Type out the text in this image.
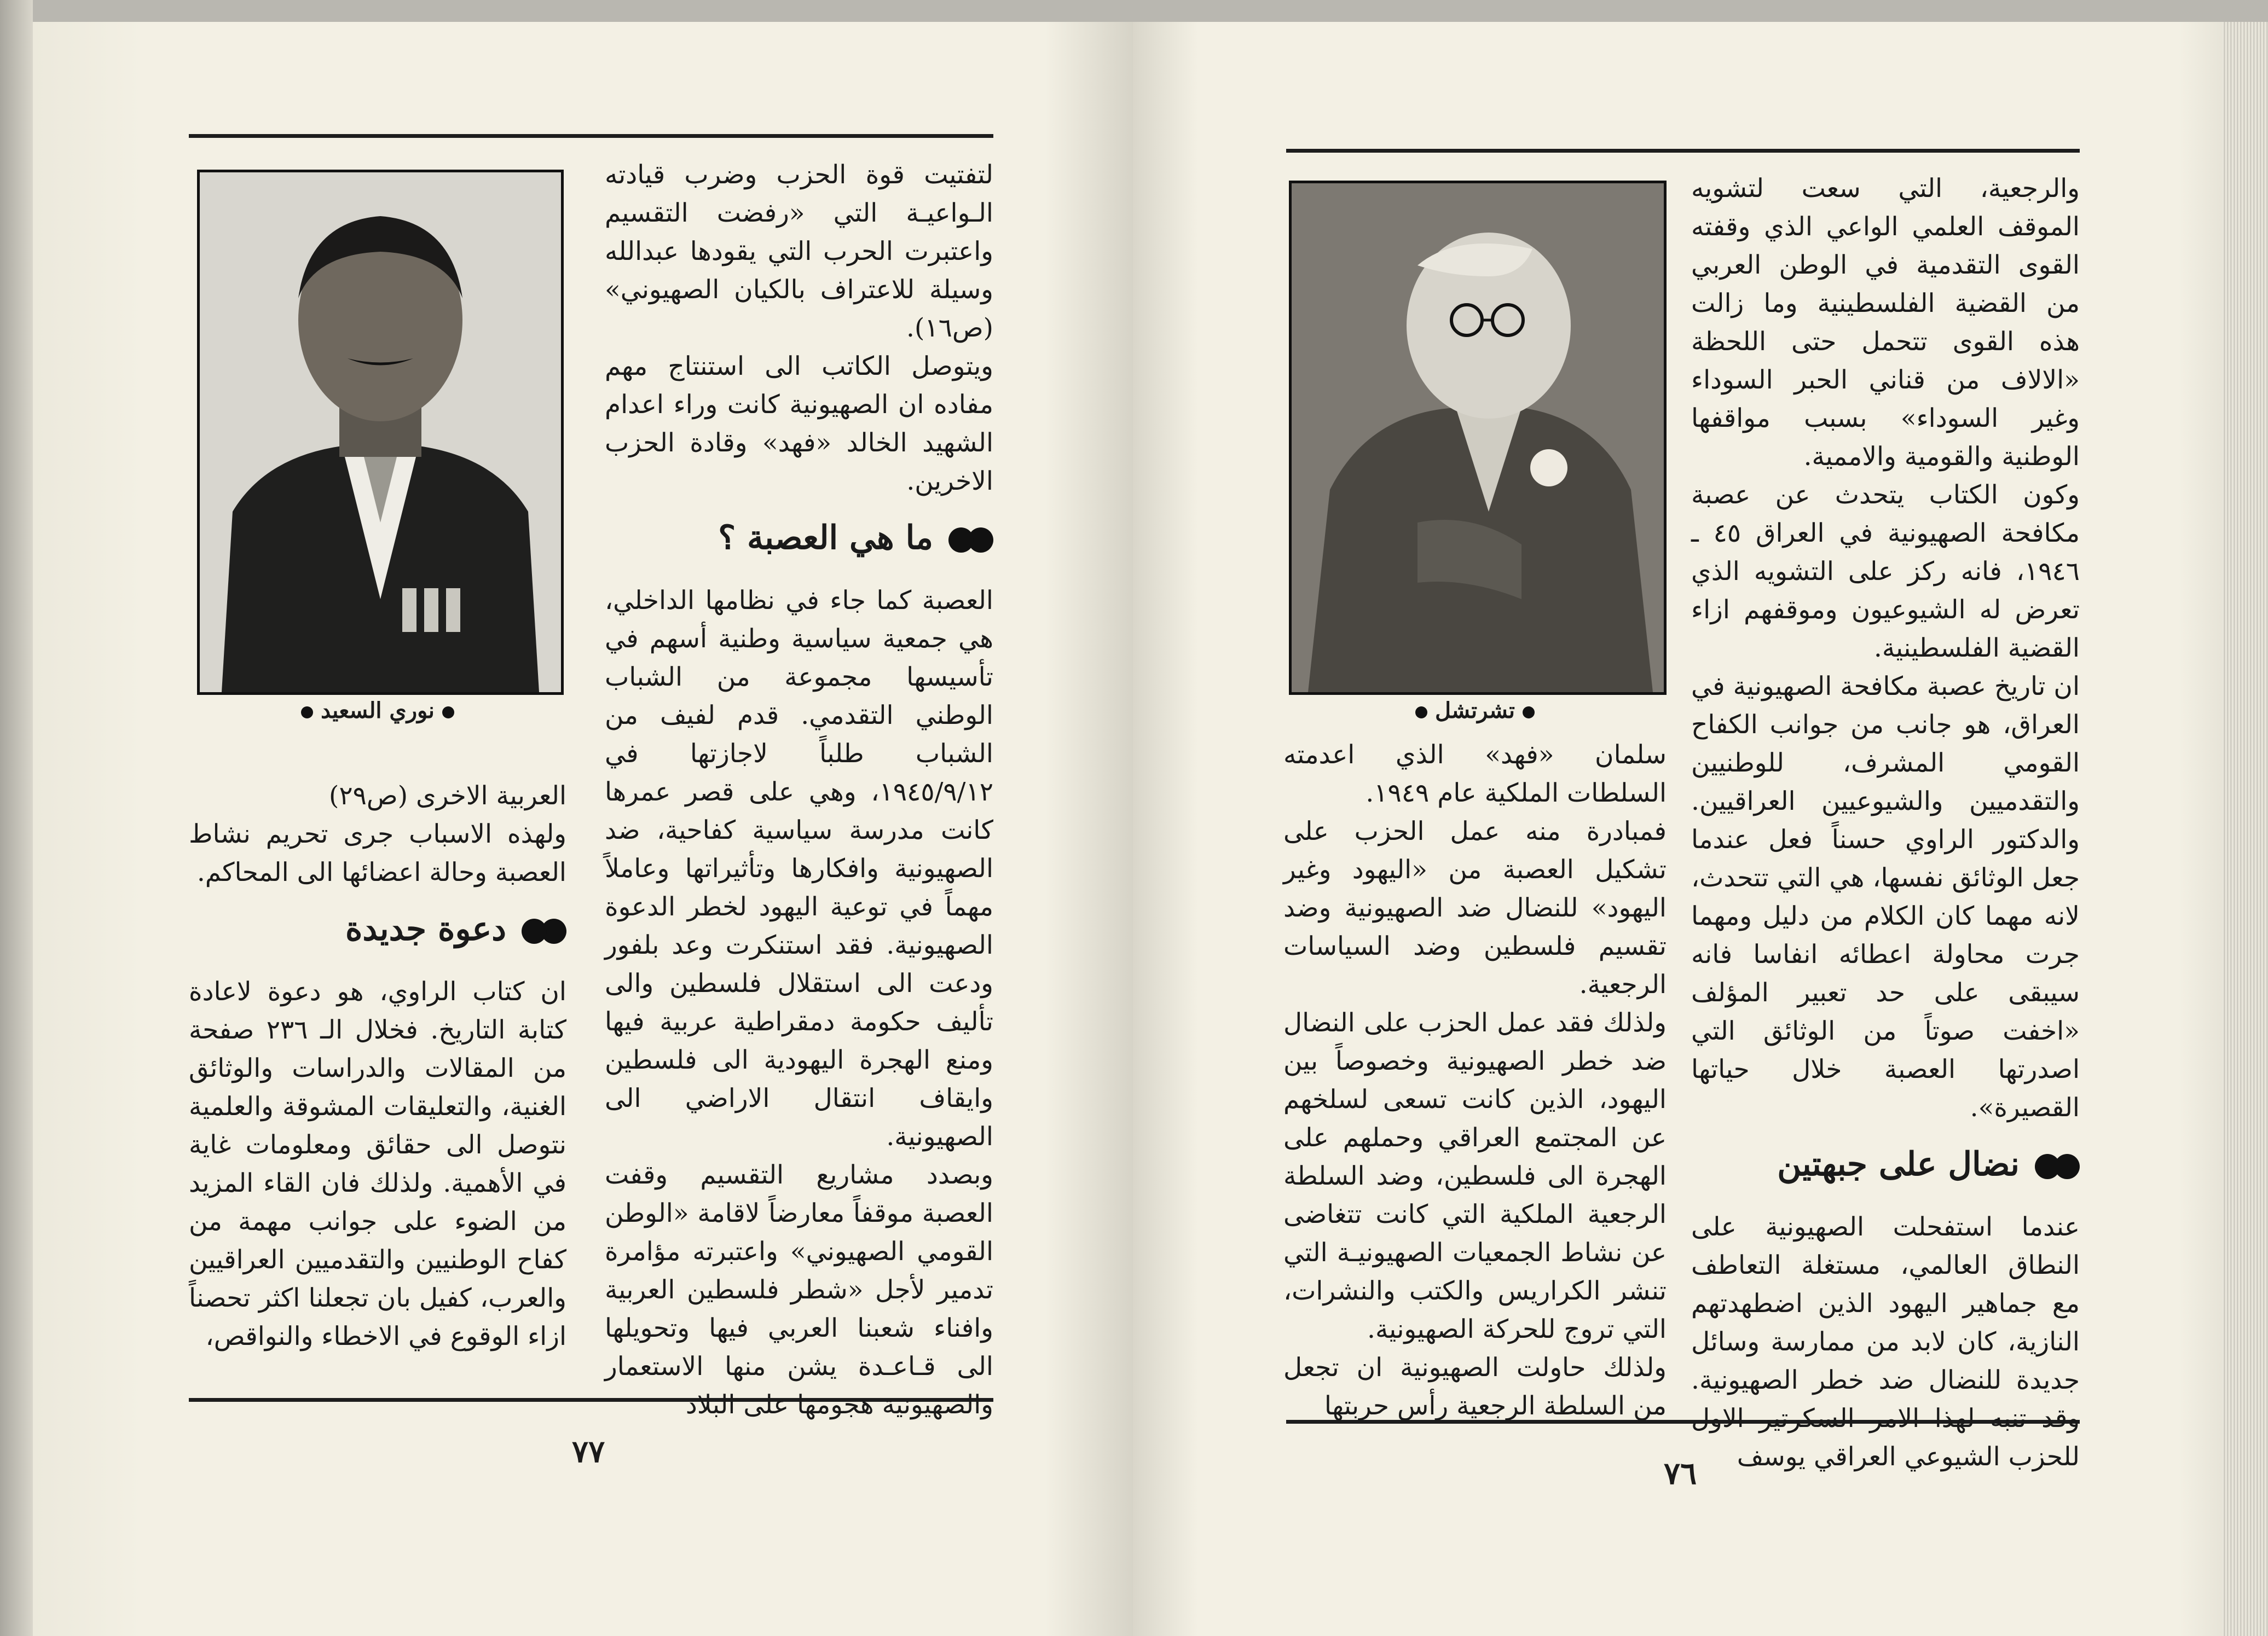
لتفتيت قوة الحزب وضرب قيادته الـواعيـة التي «رفضت التقسيم واعتبرت الحرب التي يقودها عبدالله وسيلة للاعتراف بالكيان الصهيوني» (ص١٦).

ويتوصل الكاتب الى استنتاج مهم مفاده ان الصهيونية كانت وراء اعدام الشهيد الخالد «فهد» وقادة الحزب الاخرين.

ما هي العصبة ؟

العصبة كما جاء في نظامها الداخلي، هي جمعية سياسية وطنية أسهم في تأسيسها مجموعة من الشباب الوطني التقدمي. قدم لفيف من الشباب طلباً لاجازتها في ١٩٤٥/٩/١٢، وهي على قصر عمرها كانت مدرسة سياسية كفاحية، ضد الصهيونية وافكارها وتأثيراتها وعاملاً مهماً في توعية اليهود لخطر الدعوة الصهيونية. فقد استنكرت وعد بلفور ودعت الى استقلال فلسطين والى تأليف حكومة دمقراطية عربية فيها ومنع الهجرة اليهودية الى فلسطين وايقاف انتقال الاراضي الى الصهيونية.

وبصدد مشاريع التقسيم وقفت العصبة موقفاً معارضاً لاقامة «الوطن القومي الصهيوني» واعتبرته مؤامرة تدمير لأجل «شطر فلسطين العربية وافناء شعبنا العربي فيها وتحويلها الى قـاعـدة يشن منها الاستعمار والصهيونية هجومها على البلاد

نوري السعيد

العربية الاخرى (ص٢٩)

ولهذه الاسباب جرى تحريم نشاط العصبة وحالة اعضائها الى المحاكم.

دعوة جديدة

ان كتاب الراوي، هو دعوة لاعادة كتابة التاريخ. فخلال الـ ٢٣٦ صفحة من المقالات والدراسات والوثائق الغنية، والتعليقات المشوقة والعلمية نتوصل الى حقائق ومعلومات غاية في الأهمية. ولذلك فان القاء المزيد من الضوء على جوانب مهمة من كفاح الوطنيين والتقدميين العراقيين والعرب، كفيل بان تجعلنا اكثر تحصناً ازاء الوقوع في الاخطاء والنواقص،

٧٧

والرجعية، التي سعت لتشويه الموقف العلمي الواعي الذي وقفته القوى التقدمية في الوطن العربي من القضية الفلسطينية وما زالت هذه القوى تتحمل حتى اللحظة «الالاف من قناني الحبر السوداء وغير السوداء» بسبب مواقفها الوطنية والقومية والاممية.

وكون الكتاب يتحدث عن عصبة مكافحة الصهيونية في العراق ٤٥ ـ ١٩٤٦، فانه ركز على التشويه الذي تعرض له الشيوعيون وموقفهم ازاء القضية الفلسطينية.

ان تاريخ عصبة مكافحة الصهيونية في العراق، هو جانب من جوانب الكفاح القومي المشرف، للوطنيين والتقدميين والشيوعيين العراقيين. والدكتور الراوي حسناً فعل عندما جعل الوثائق نفسها، هي التي تتحدث، لانه مهما كان الكلام من دليل ومهما جرت محاولة اعطائه انفاسا فانه سيبقى على حد تعبير المؤلف «اخفت صوتاً من الوثائق التي اصدرتها العصبة خلال حياتها القصيرة».

نضال على جبهتين

عندما استفحلت الصهيونية على النطاق العالمي، مستغلة التعاطف مع جماهير اليهود الذين اضطهدتهم النازية، كان لابد من ممارسة وسائل جديدة للنضال ضد خطر الصهيونية. وقد تنبه لهذا الامر السكرتير الاول للحزب الشيوعي العراقي يوسف

تشرتشل

سلمان «فهد» الذي اعدمته السلطات الملكية عام ١٩٤٩.

فمبادرة منه عمل الحزب على تشكيل العصبة من «اليهود وغير اليهود» للنضال ضد الصهيونية وضد تقسيم فلسطين وضد السياسات الرجعية.

ولذلك فقد عمل الحزب على النضال ضد خطر الصهيونية وخصوصاً بين اليهود، الذين كانت تسعى لسلخهم عن المجتمع العراقي وحملهم على الهجرة الى فلسطين، وضد السلطة الرجعية الملكية التي كانت تتغاضى عن نشاط الجمعيات الصهيونيـة التي تنشر الكراريس والكتب والنشرات، التي تروج للحركة الصهيونية.

ولذلك حاولت الصهيونية ان تجعل من السلطة الرجعية رأس حربتها

٧٦
